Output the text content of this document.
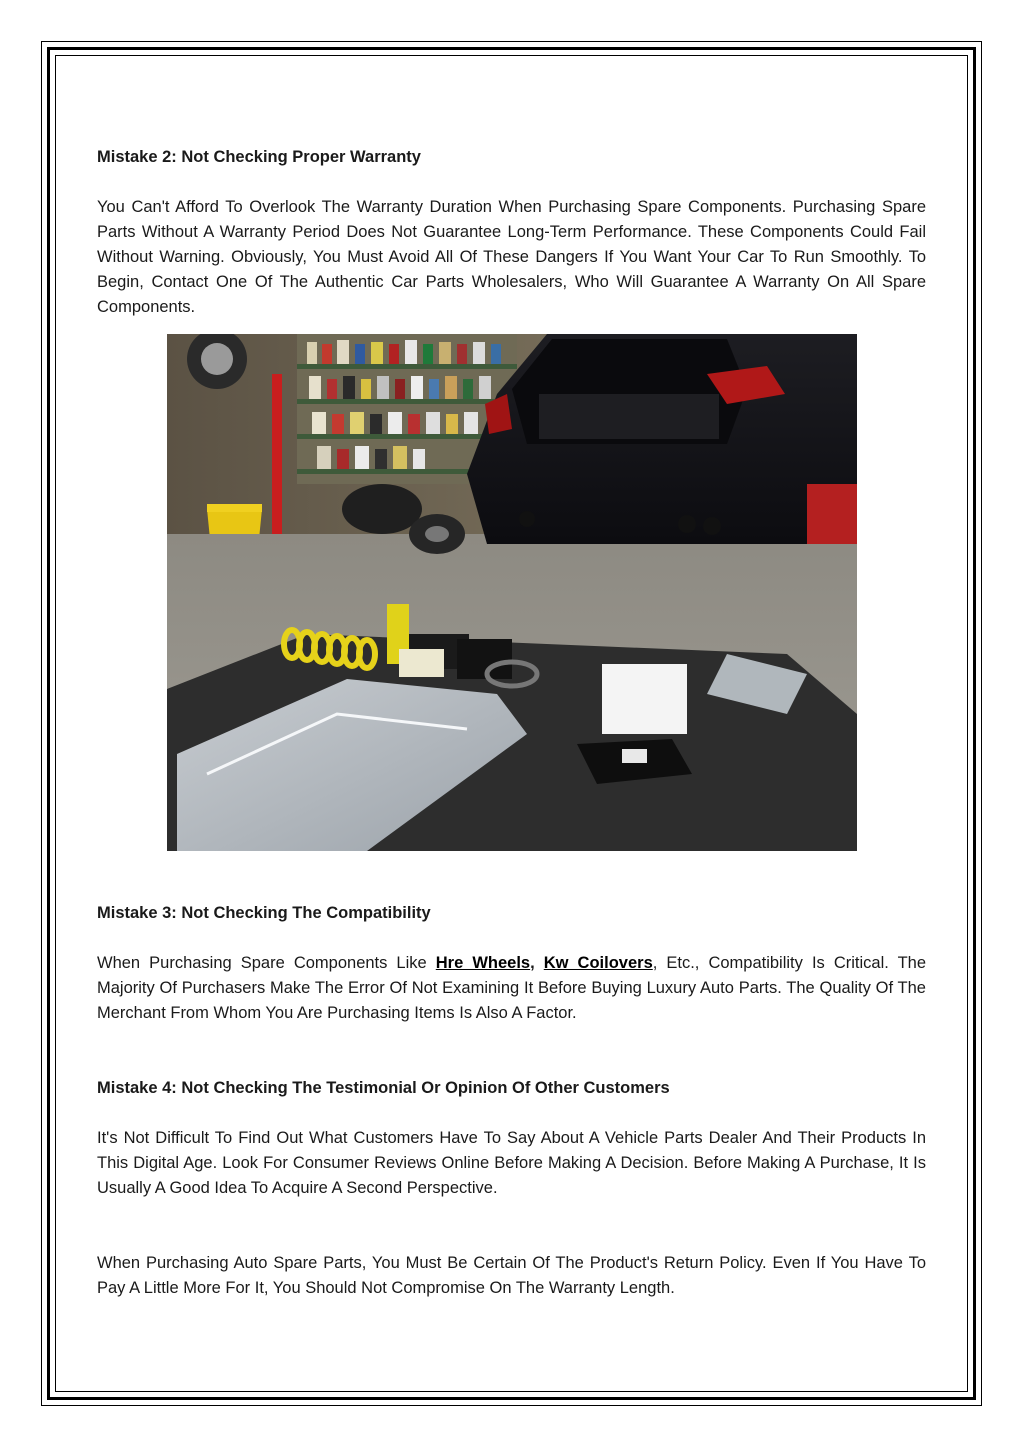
Mistake 2: Not Checking Proper Warranty

You Can't Afford To Overlook The Warranty Duration When Purchasing Spare Components. Purchasing Spare Parts Without A Warranty Period Does Not Guarantee Long-Term Performance. These Components Could Fail Without Warning. Obviously, You Must Avoid All Of These Dangers If You Want Your Car To Run Smoothly. To Begin, Contact One Of The Authentic Car Parts Wholesalers, Who Will Guarantee A Warranty On All Spare Components.

Mistake 3: Not Checking The Compatibility

When Purchasing Spare Components Like Hre Wheels, Kw Coilovers, Etc., Compatibility Is Critical. The Majority Of Purchasers Make The Error Of Not Examining It Before Buying Luxury Auto Parts. The Quality Of The Merchant From Whom You Are Purchasing Items Is Also A Factor.

Mistake 4: Not Checking The Testimonial Or Opinion Of Other Customers

It's Not Difficult To Find Out What Customers Have To Say About A Vehicle Parts Dealer And Their Products In This Digital Age. Look For Consumer Reviews Online Before Making A Decision. Before Making A Purchase, It Is Usually A Good Idea To Acquire A Second Perspective.

When Purchasing Auto Spare Parts, You Must Be Certain Of The Product's Return Policy. Even If You Have To Pay A Little More For It, You Should Not Compromise On The Warranty Length.
